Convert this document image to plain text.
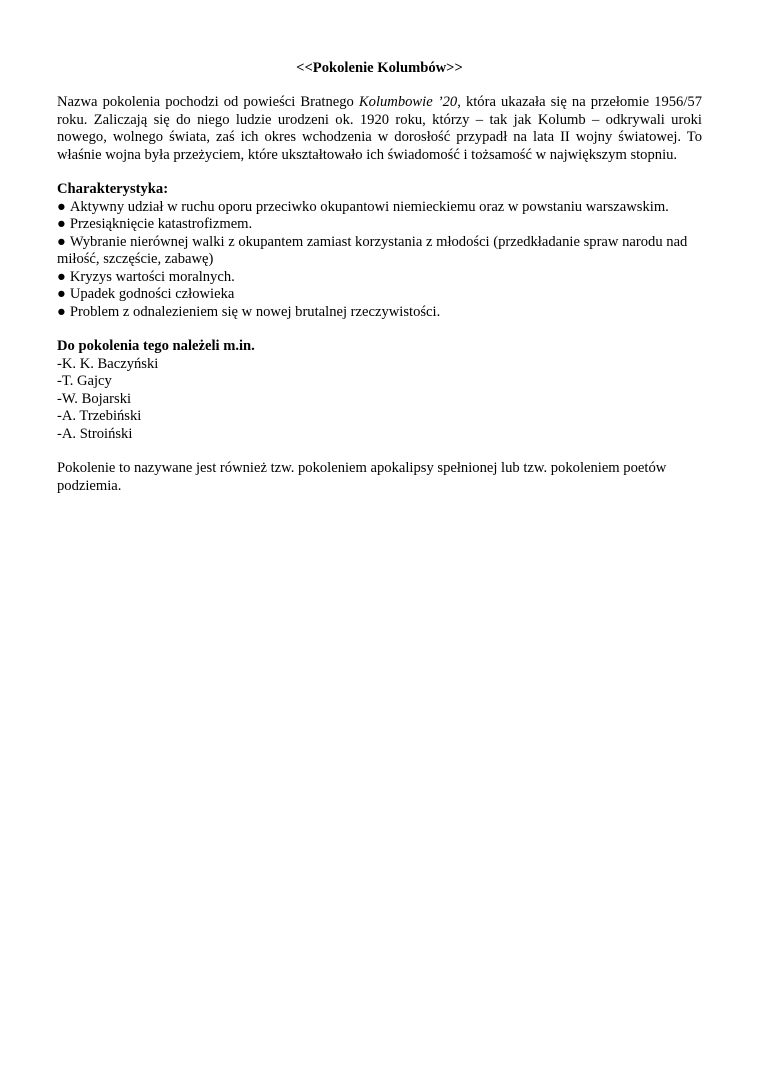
<<Pokolenie Kolumbów>>

Nazwa pokolenia pochodzi od powieści Bratnego Kolumbowie ’20, która ukazała się na przełomie 1956/57 roku. Zaliczają się do niego ludzie urodzeni ok. 1920 roku, którzy – tak jak Kolumb – odkrywali uroki nowego, wolnego świata, zaś ich okres wchodzenia w dorosłość przypadł na lata II wojny światowej. To właśnie wojna była przeżyciem, które ukształtowało ich świadomość i tożsamość w największym stopniu.

Charakterystyka:
● Aktywny udział w ruchu oporu przeciwko okupantowi niemieckiemu oraz w powstaniu warszawskim.
● Przesiąknięcie katastrofizmem.
● Wybranie nierównej walki z okupantem zamiast korzystania z młodości (przedkładanie spraw narodu nad miłość, szczęście, zabawę)
● Kryzys wartości moralnych.
● Upadek godności człowieka
● Problem z odnalezieniem się w nowej brutalnej rzeczywistości.
Do pokolenia tego należeli m.in.
-K. K. Baczyński
-T. Gajcy
-W. Bojarski
-A. Trzebiński
-A. Stroiński

Pokolenie to nazywane jest również tzw. pokoleniem apokalipsy spełnionej lub tzw. pokoleniem poetów podziemia.
